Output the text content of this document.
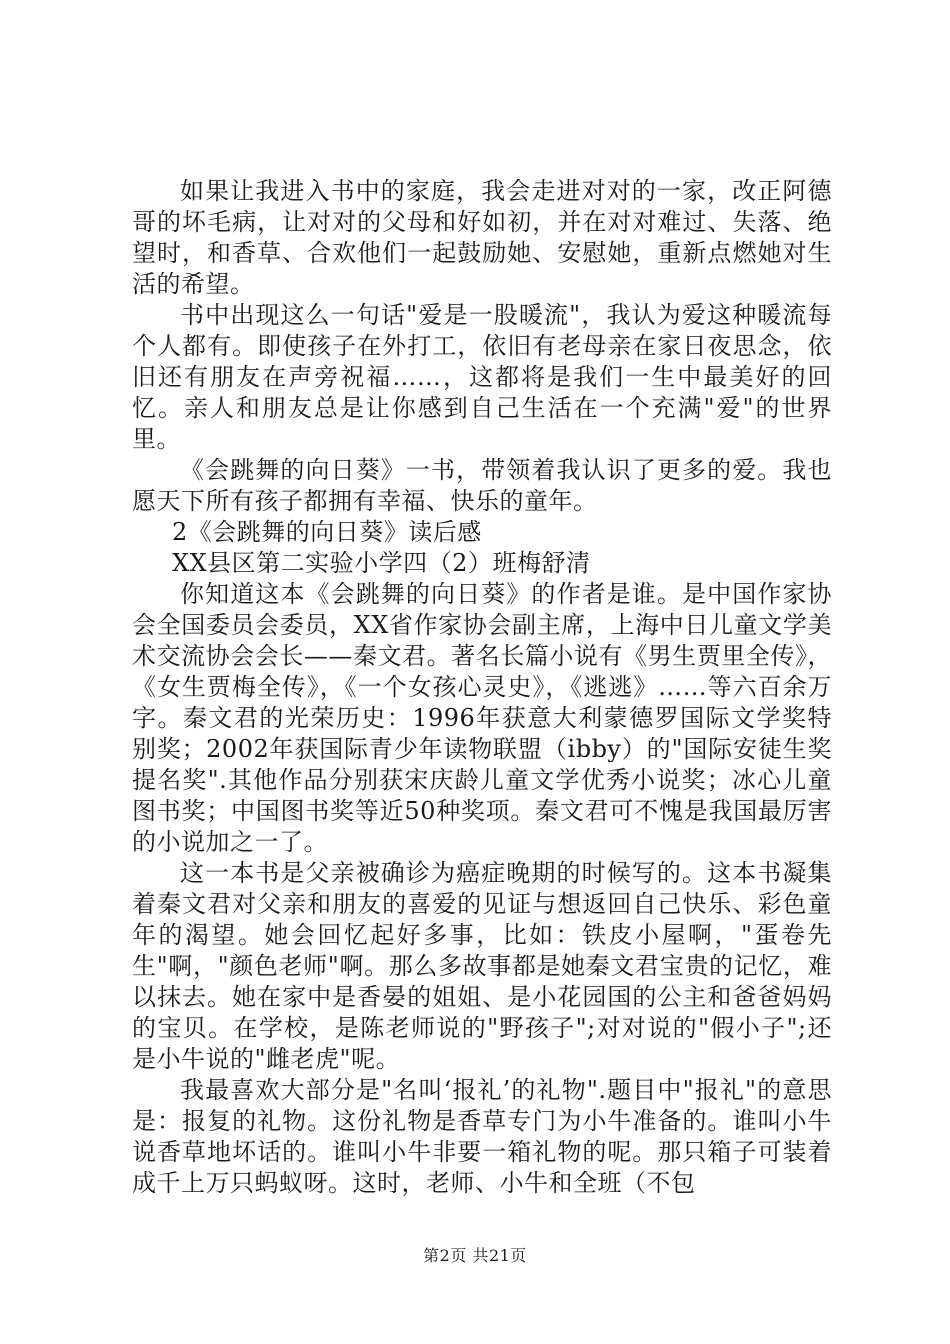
如果让我进入书中的家庭，我会走进对对的一家，改正阿德哥的坏毛病，让对对的父母和好如初，并在对对难过、失落、绝望时，和香草、合欢他们一起鼓励她、安慰她，重新点燃她对生活的希望。

书中出现这么一句话"爱是一股暖流"，我认为爱这种暖流每个人都有。即使孩子在外打工，依旧有老母亲在家日夜思念，依旧还有朋友在声旁祝福……，这都将是我们一生中最美好的回忆。亲人和朋友总是让你感到自己生活在一个充满"爱"的世界里。

《会跳舞的向日葵》一书，带领着我认识了更多的爱。我也愿天下所有孩子都拥有幸福、快乐的童年。

2《会跳舞的向日葵》读后感

XX县区第二实验小学四（2）班梅舒清

你知道这本《会跳舞的向日葵》的作者是谁。是中国作家协会全国委员会委员，XX省作家协会副主席，上海中日儿童文学美术交流协会会长——秦文君。著名长篇小说有《男生贾里全传》，《女生贾梅全传》，《一个女孩心灵史》，《逃逃》……等六百余万字。秦文君的光荣历史：1996年获意大利蒙德罗国际文学奖特别奖；2002年获国际青少年读物联盟（ibby）的"国际安徒生奖提名奖".其他作品分别获宋庆龄儿童文学优秀小说奖；冰心儿童图书奖；中国图书奖等近50种奖项。秦文君可不愧是我国最厉害的小说加之一了。

这一本书是父亲被确诊为癌症晚期的时候写的。这本书凝集着秦文君对父亲和朋友的喜爱的见证与想返回自己快乐、彩色童年的渴望。她会回忆起好多事，比如：铁皮小屋啊，"蛋卷先生"啊，"颜色老师"啊。那么多故事都是她秦文君宝贵的记忆，难以抹去。她在家中是香晏的姐姐、是小花园国的公主和爸爸妈妈的宝贝。在学校，是陈老师说的"野孩子";对对说的"假小子";还是小牛说的"雌老虎"呢。

我最喜欢大部分是"名叫‘报礼’的礼物".题目中"报礼"的意思是：报复的礼物。这份礼物是香草专门为小牛准备的。谁叫小牛说香草地坏话的。谁叫小牛非要一箱礼物的呢。那只箱子可装着成千上万只蚂蚁呀。这时，老师、小牛和全班（不包

第2页 共21页
